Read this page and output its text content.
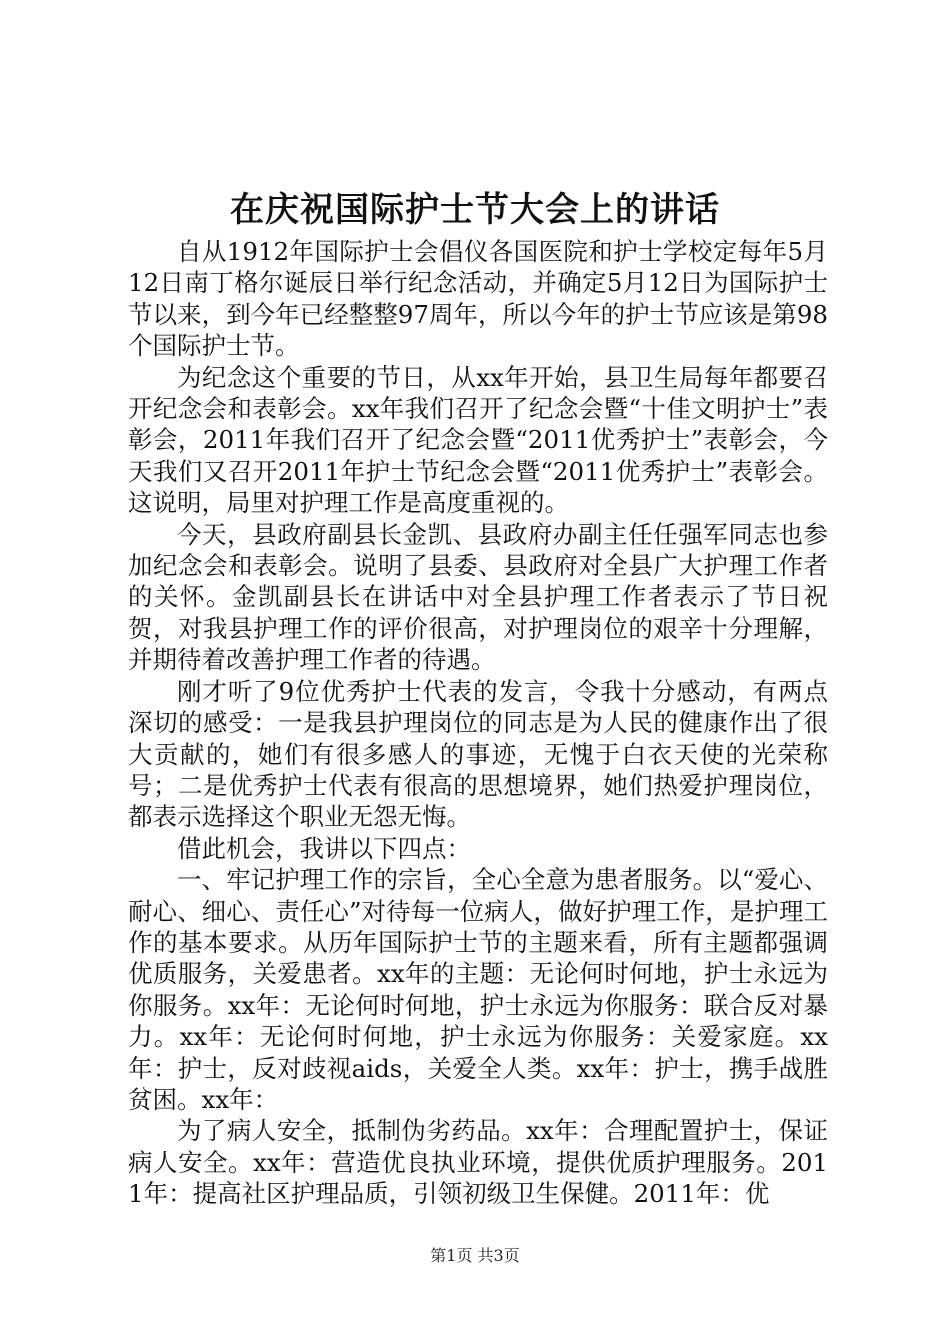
在庆祝国际护士节大会上的讲话

自从1912年国际护士会倡仪各国医院和护士学校定每年5月12日南丁格尔诞辰日举行纪念活动，并确定5月12日为国际护士节以来，到今年已经整整97周年，所以今年的护士节应该是第98个国际护士节。

为纪念这个重要的节日，从xx年开始，县卫生局每年都要召开纪念会和表彰会。xx年我们召开了纪念会暨“十佳文明护士”表彰会，2011年我们召开了纪念会暨“2011优秀护士”表彰会，今天我们又召开2011年护士节纪念会暨“2011优秀护士”表彰会。这说明，局里对护理工作是高度重视的。

今天，县政府副县长金凯、县政府办副主任任强军同志也参加纪念会和表彰会。说明了县委、县政府对全县广大护理工作者的关怀。金凯副县长在讲话中对全县护理工作者表示了节日祝贺，对我县护理工作的评价很高，对护理岗位的艰辛十分理解，并期待着改善护理工作者的待遇。

刚才听了9位优秀护士代表的发言，令我十分感动，有两点深切的感受：一是我县护理岗位的同志是为人民的健康作出了很大贡献的，她们有很多感人的事迹，无愧于白衣天使的光荣称号；二是优秀护士代表有很高的思想境界，她们热爱护理岗位，都表示选择这个职业无怨无悔。

借此机会，我讲以下四点：

一、牢记护理工作的宗旨，全心全意为患者服务。以“爱心、耐心、细心、责任心”对待每一位病人，做好护理工作，是护理工作的基本要求。从历年国际护士节的主题来看，所有主题都强调优质服务，关爱患者。xx年的主题：无论何时何地，护士永远为你服务。xx年：无论何时何地，护士永远为你服务：联合反对暴力。xx年：无论何时何地，护士永远为你服务：关爱家庭。xx年：护士，反对歧视aids，关爱全人类。xx年：护士，携手战胜贫困。xx年：

为了病人安全，抵制伪劣药品。xx年：合理配置护士，保证病人安全。xx年：营造优良执业环境，提供优质护理服务。2011年：提高社区护理品质，引领初级卫生保健。2011年：优

第1页 共3页
